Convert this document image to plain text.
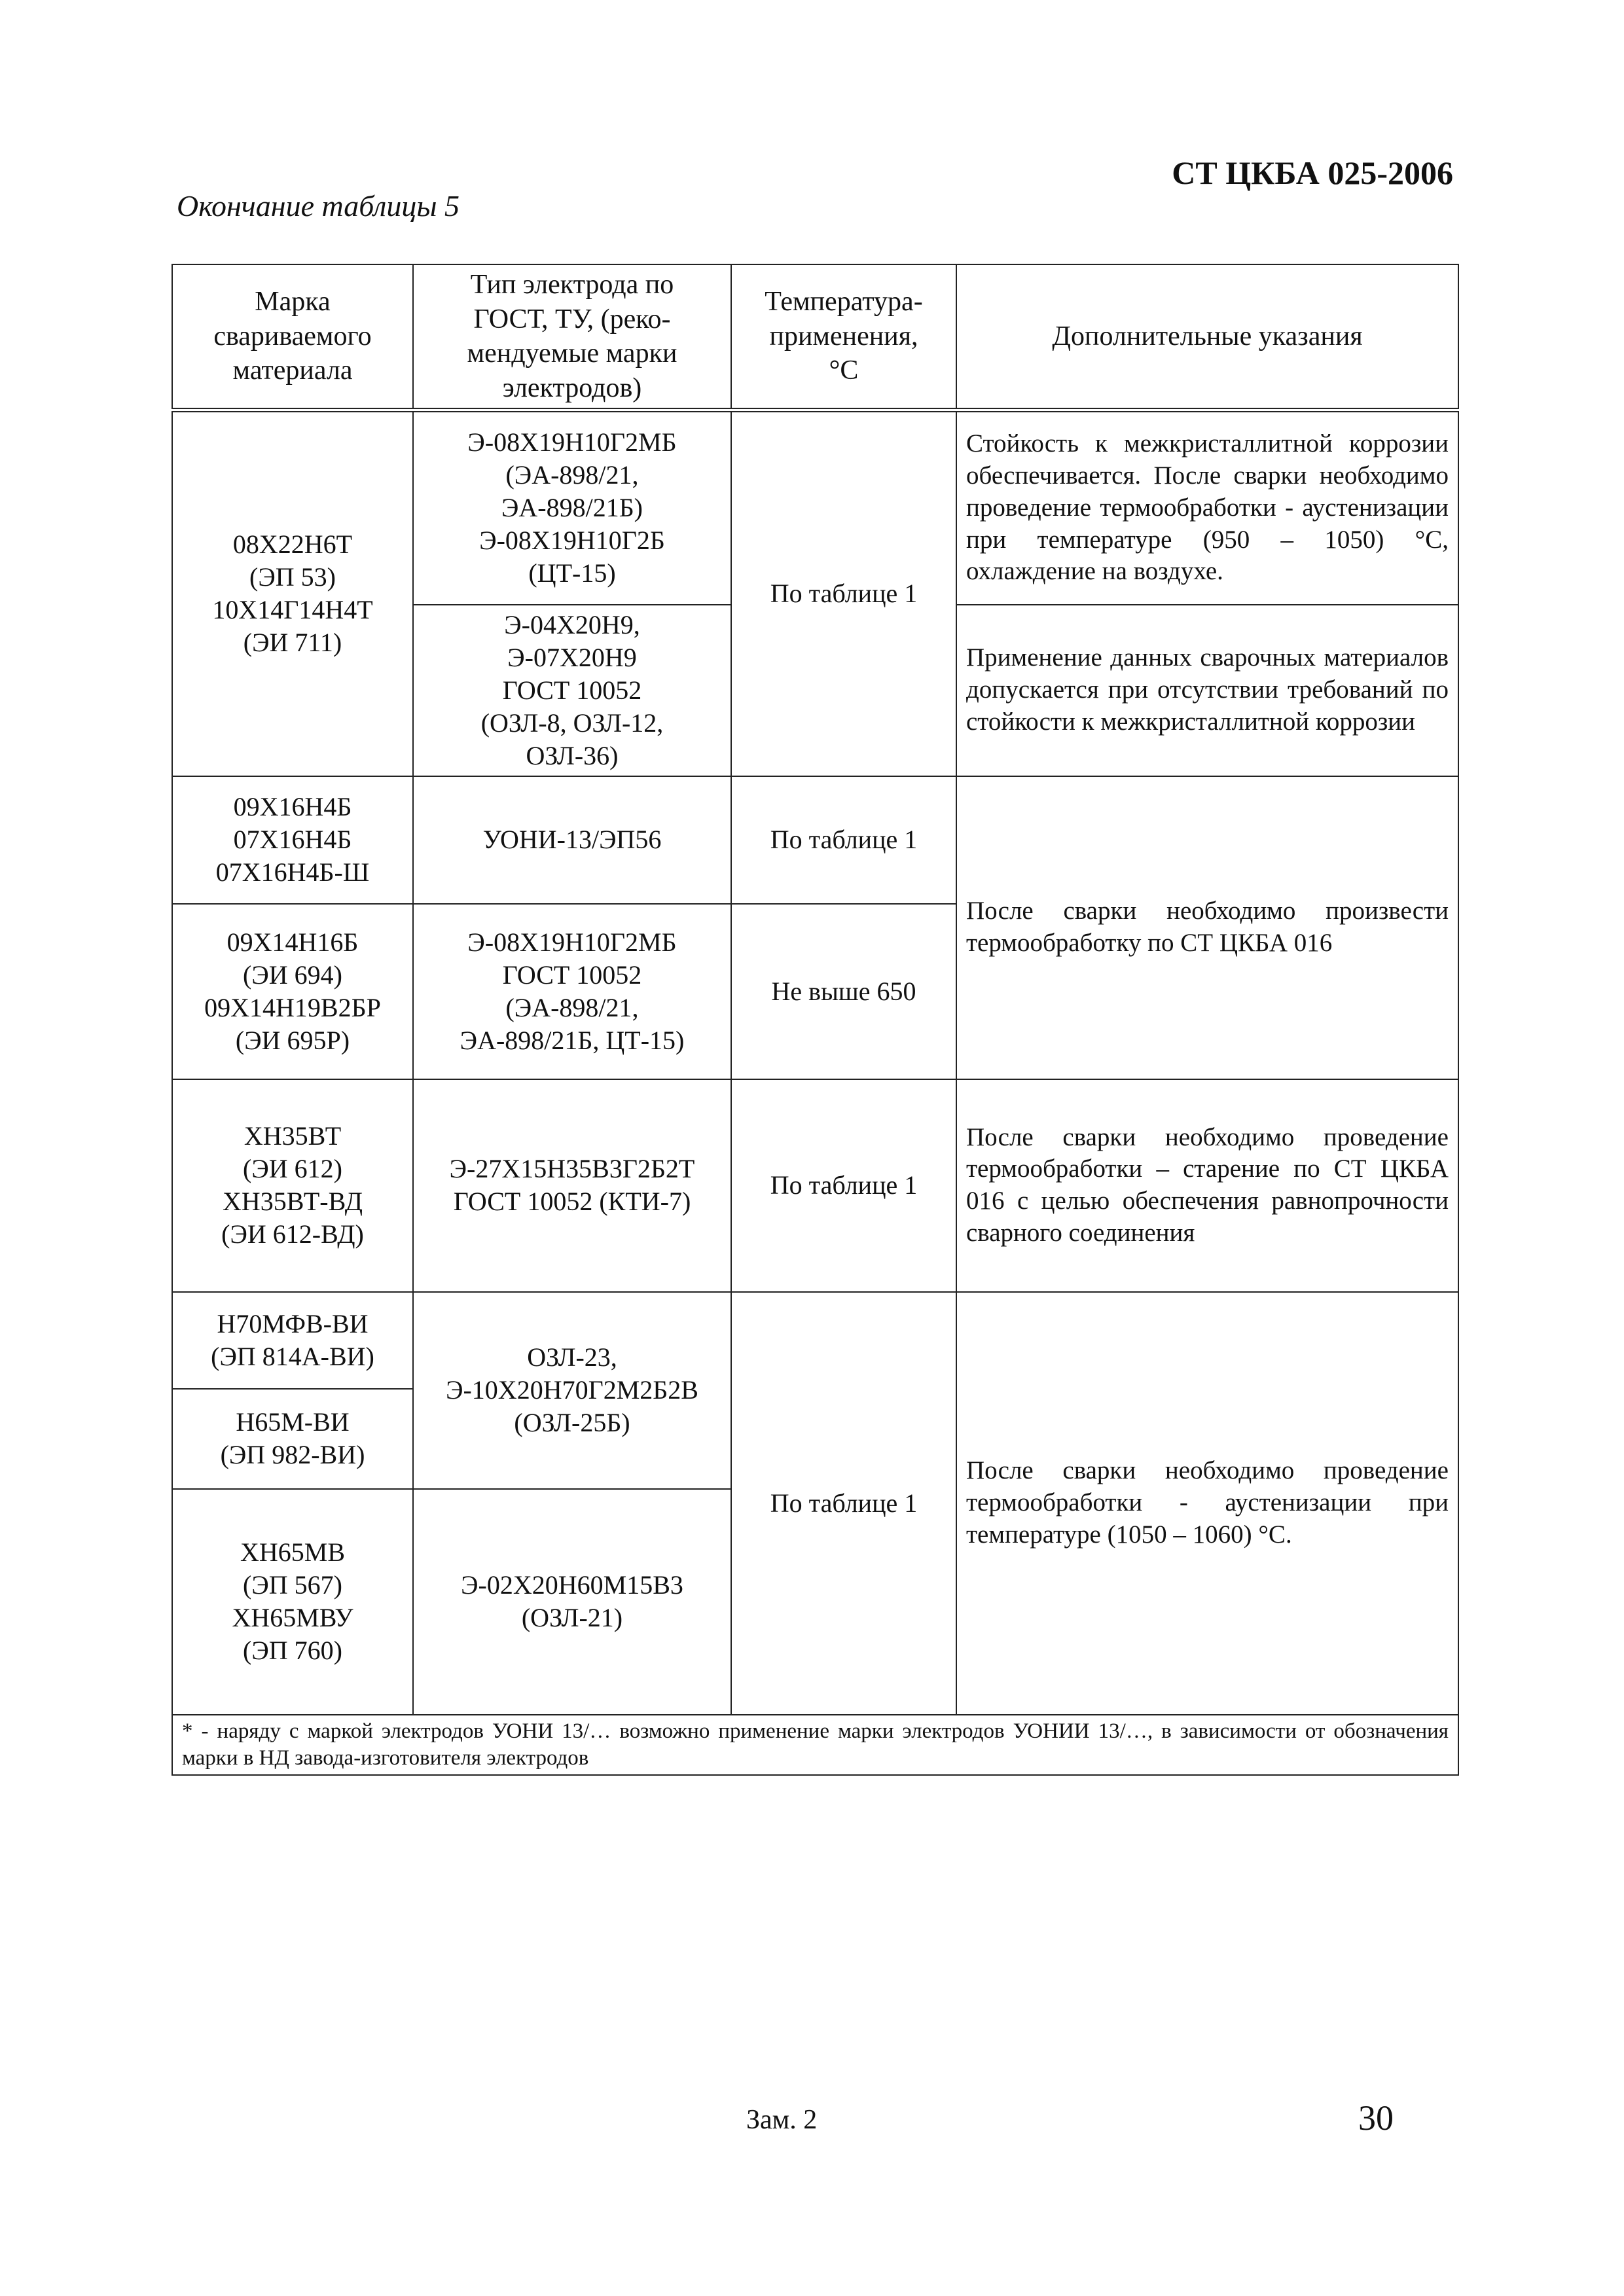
СТ ЦКБА 025-2006
Окончание таблицы 5
Марка
свариваемого
материала	Тип электрода по
ГОСТ, ТУ, (реко-
мендуемые марки
электродов)	Температура-
применения,
°С	Дополнительные указания

08Х22Н6Т
(ЭП 53)
10Х14Г14Н4Т
(ЭИ 711)	Э-08Х19Н10Г2МБ
(ЭА-898/21,
ЭА-898/21Б)
Э-08Х19Н10Г2Б
(ЦТ-15)	По таблице 1	Стойкость к межкристаллитной коррозии обеспечивается. После сварки необходимо проведение термообработки - аустенизации при температуре (950 – 1050) °С, охлаждение на воздухе.

	Э-04Х20Н9,
Э-07Х20Н9
ГОСТ 10052
(ОЗЛ-8, ОЗЛ-12,
ОЗЛ-36)		Применение данных сварочных материалов допускается при отсутствии требований по стойкости к межкристаллитной коррозии

09Х16Н4Б
07Х16Н4Б
07Х16Н4Б-Ш	УОНИ-13/ЭП56	По таблице 1	После сварки необходимо произвести термообработку по СТ ЦКБА 016

09Х14Н16Б
(ЭИ 694)
09Х14Н19В2БР
(ЭИ 695Р)	Э-08Х19Н10Г2МБ
ГОСТ 10052
(ЭА-898/21,
ЭА-898/21Б, ЦТ-15)	Не выше 650	

ХН35ВТ
(ЭИ 612)
ХН35ВТ-ВД
(ЭИ 612-ВД)	Э-27Х15Н35В3Г2Б2Т
ГОСТ 10052 (КТИ-7)	По таблице 1	После сварки необходимо проведение термообработки – старение по СТ ЦКБА 016 с целью обеспечения равнопрочности сварного соединения

Н70МФВ-ВИ
(ЭП 814А-ВИ)	ОЗЛ-23,
Э-10Х20Н70Г2М2Б2В
(ОЗЛ-25Б)	По таблице 1	После сварки необходимо проведение термообработки - аустенизации при температуре (1050 – 1060) °С.

Н65М-ВИ
(ЭП 982-ВИ)			

ХН65МВ
(ЭП 567)
ХН65МВУ
(ЭП 760)	Э-02Х20Н60М15В3
(ОЗЛ-21)		

* - наряду с маркой электродов УОНИ 13/… возможно применение марки электродов УОНИИ 13/…, в зависимости от обозначения марки в НД завода-изготовителя электродов			
Зам. 2	30
